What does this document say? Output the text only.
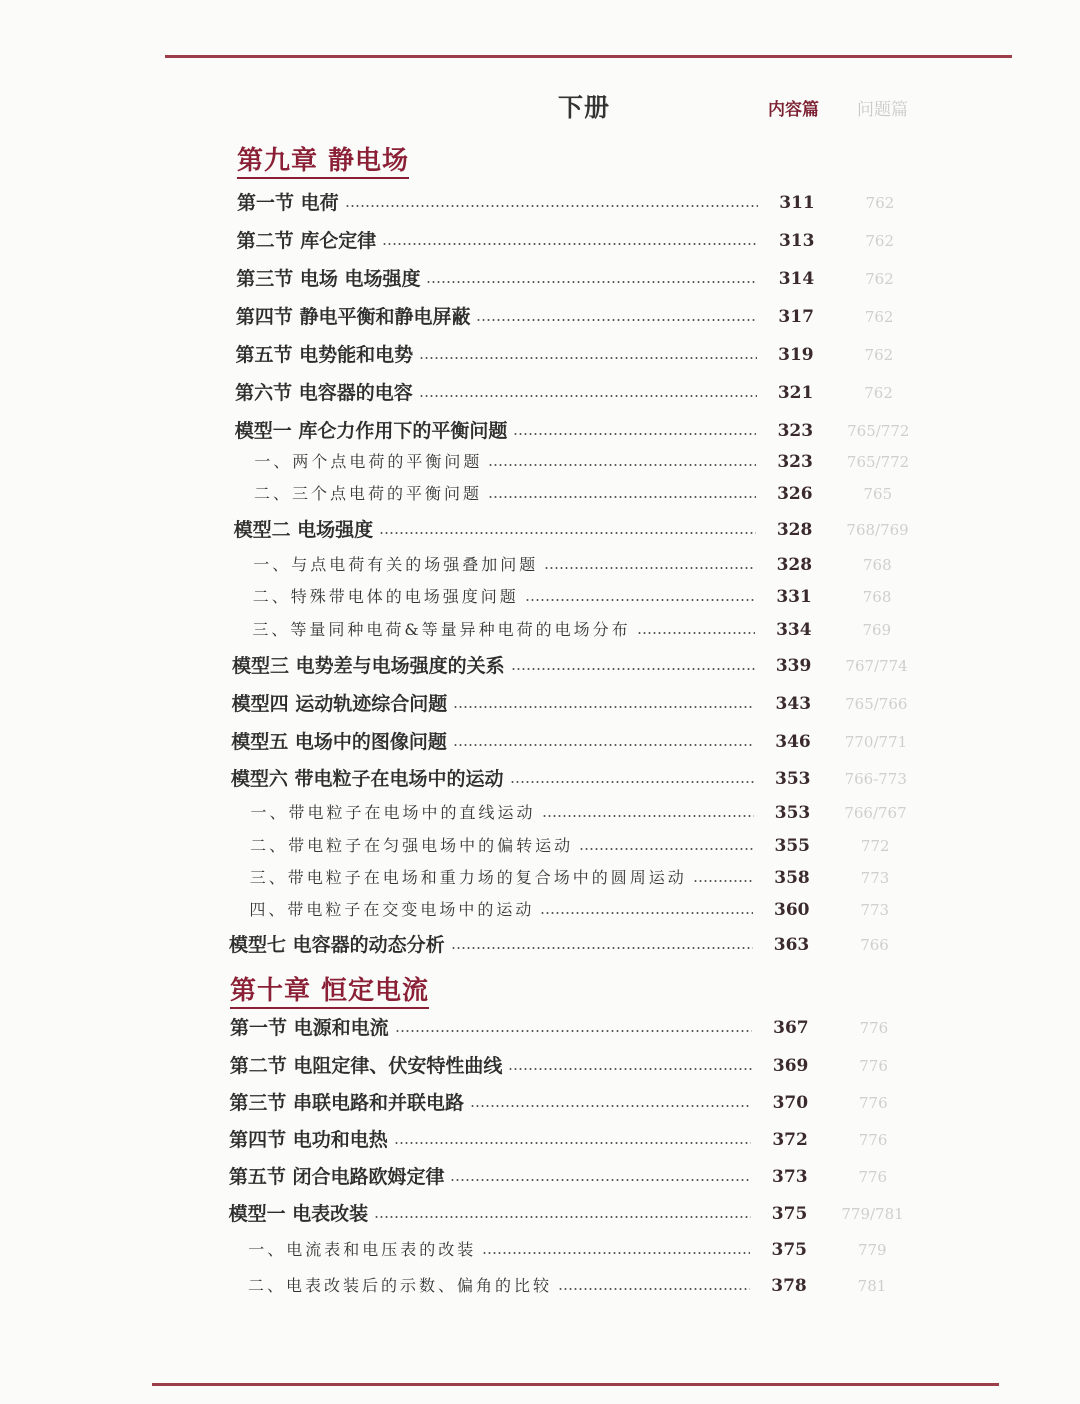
下册	内容篇 问题篇
第九章 静电场
第一节 电荷	311	762
第二节 库仑定律	313	762
第三节 电场 电场强度	314	762
第四节 静电平衡和静电屏蔽	317	762
第五节 电势能和电势	319	762
第六节 电容器的电容	321	762
模型一 库仑力作用下的平衡问题	323	765/772
一、两个点电荷的平衡问题	323	765/772
二、三个点电荷的平衡问题	326	765
模型二 电场强度	328	768/769
一、与点电荷有关的场强叠加问题	328	768
二、特殊带电体的电场强度问题	331	768
三、等量同种电荷&等量异种电荷的电场分布	334	769
模型三 电势差与电场强度的关系	339	767/774
模型四 运动轨迹综合问题	343	765/766
模型五 电场中的图像问题	346	770/771
模型六 带电粒子在电场中的运动	353	766-773
一、带电粒子在电场中的直线运动	353	766/767
二、带电粒子在匀强电场中的偏转运动	355	772
三、带电粒子在电场和重力场的复合场中的圆周运动	358	773
四、带电粒子在交变电场中的运动	360	773
模型七 电容器的动态分析	363	766
第十章 恒定电流
第一节 电源和电流	367	776
第二节 电阻定律、伏安特性曲线	369	776
第三节 串联电路和并联电路	370	776
第四节 电功和电热	372	776
第五节 闭合电路欧姆定律	373	776
模型一 电表改装	375	779/781
一、电流表和电压表的改装	375	779
二、电表改装后的示数、偏角的比较	378	781
